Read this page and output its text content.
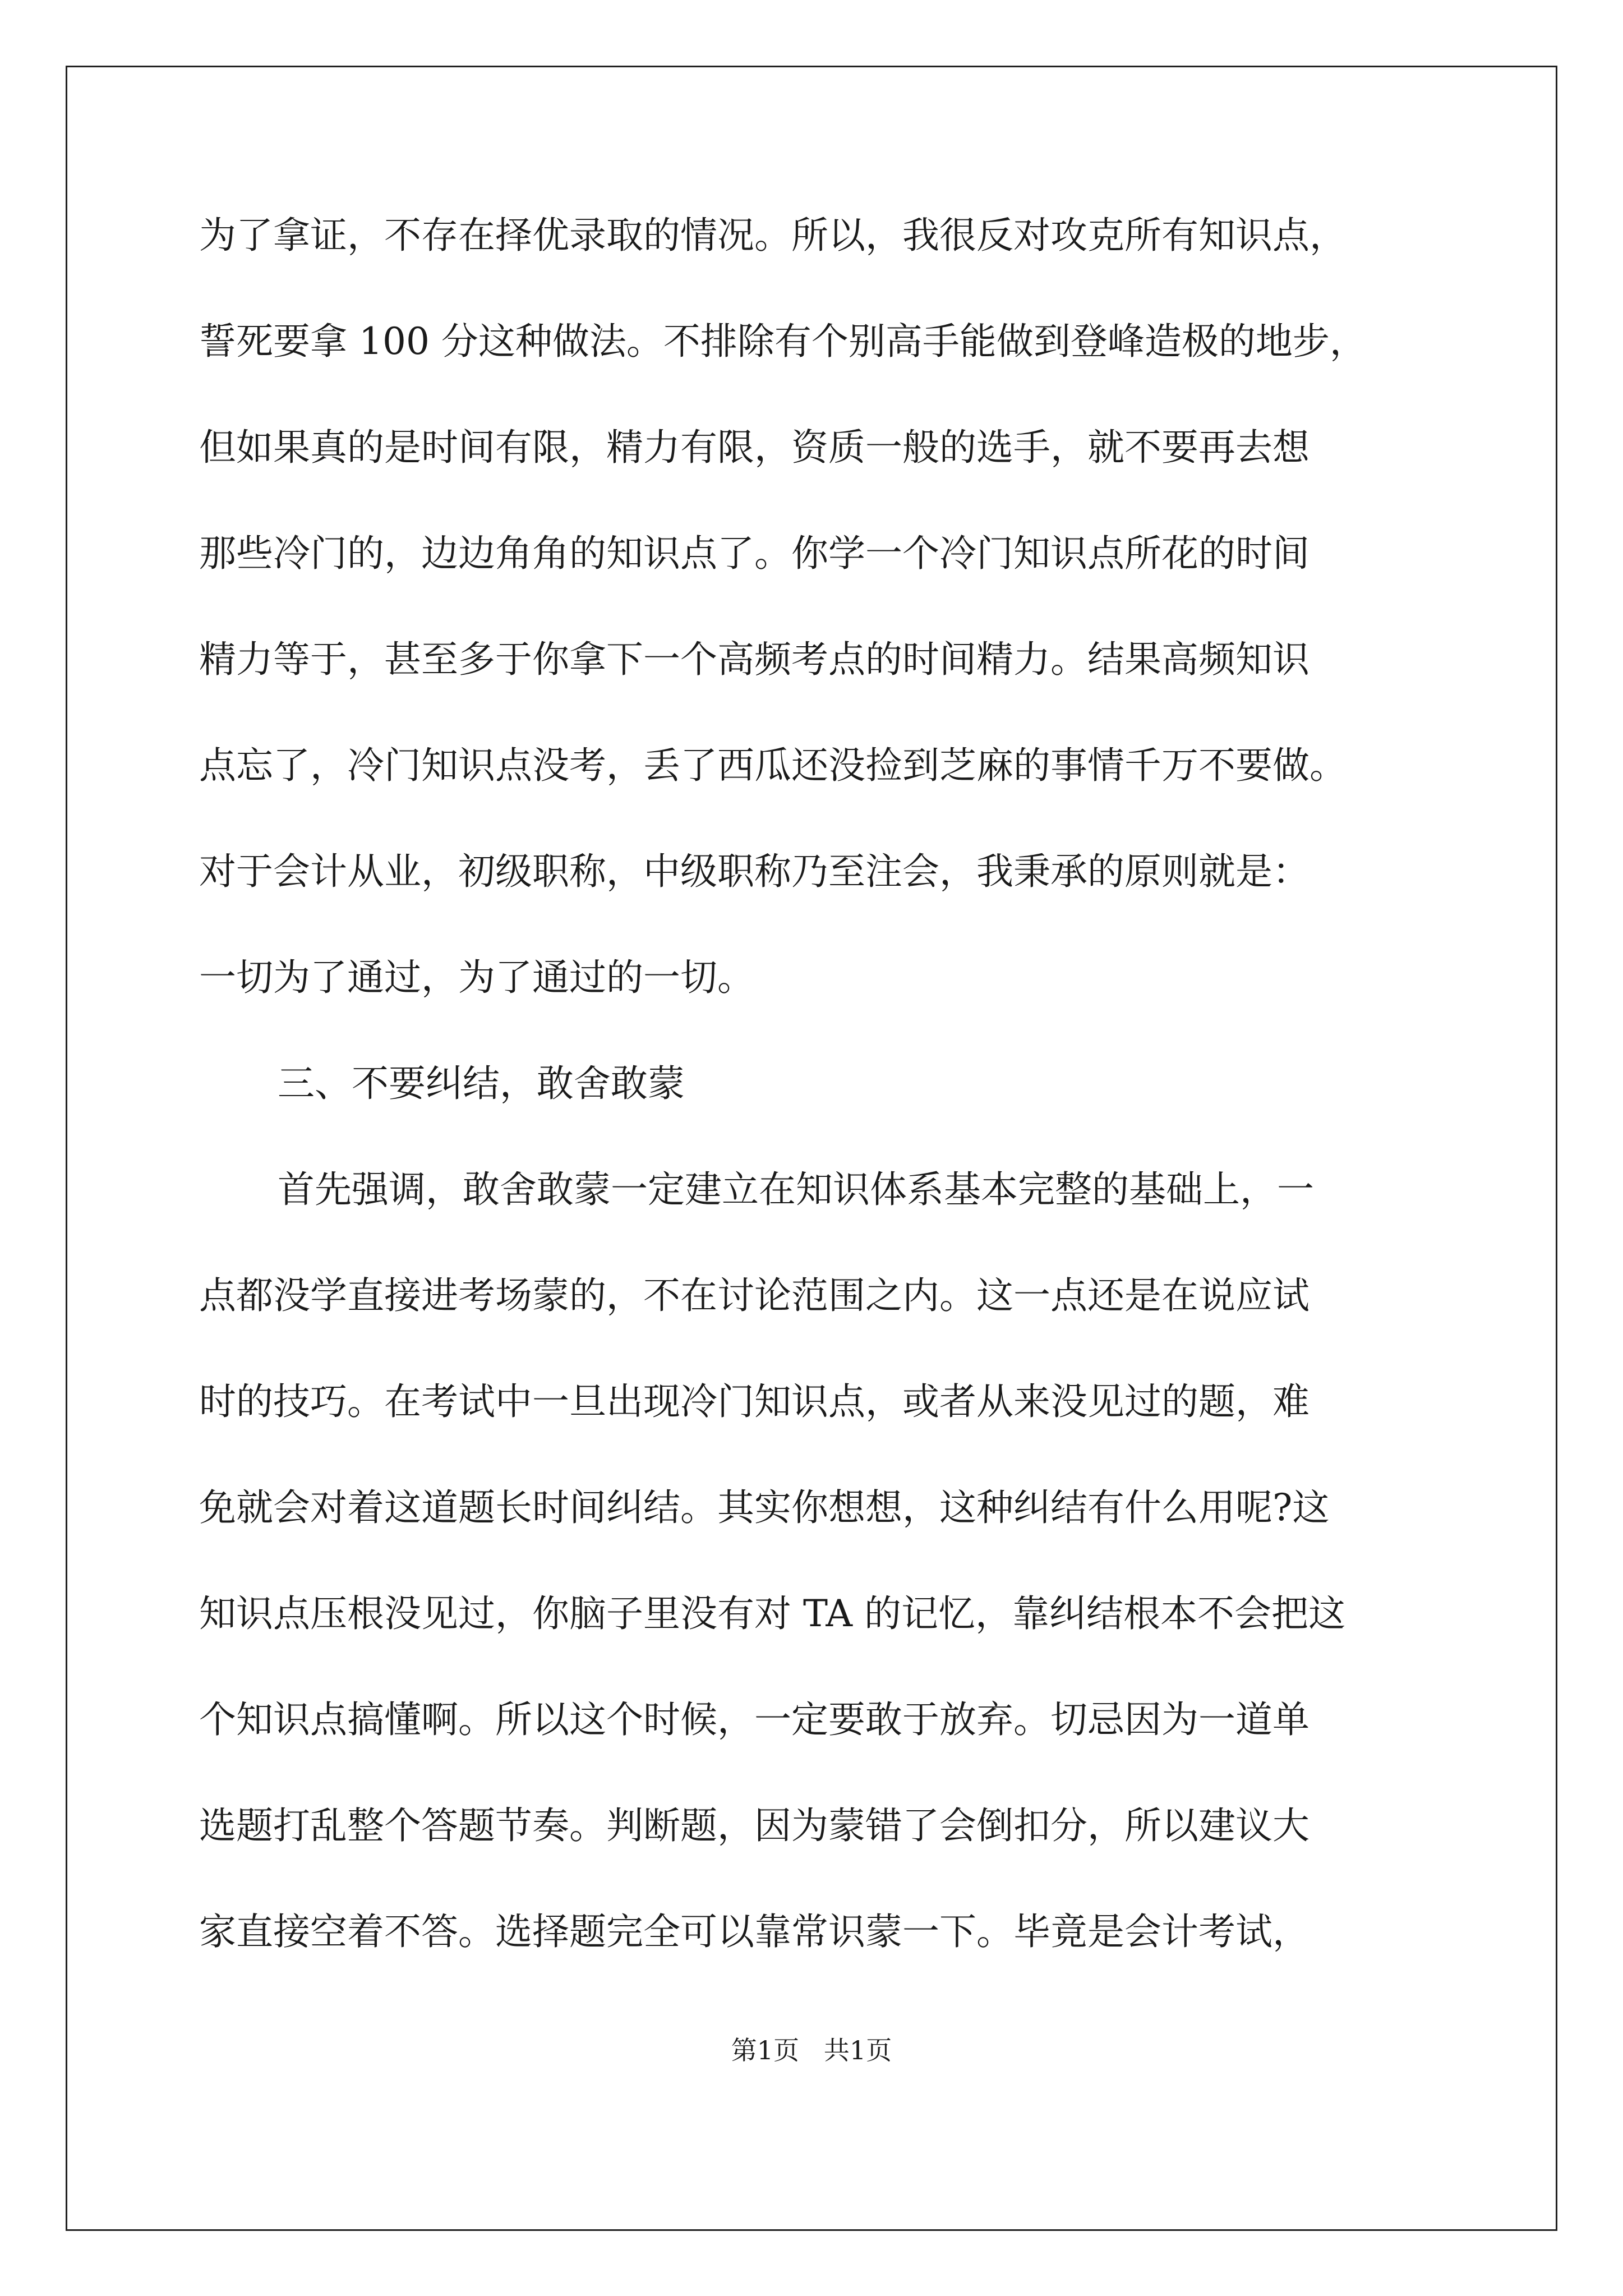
为了拿证，不存在择优录取的情况。所以，我很反对攻克所有知识点，
誓死要拿 100 分这种做法。不排除有个别高手能做到登峰造极的地步，
但如果真的是时间有限，精力有限，资质一般的选手，就不要再去想
那些冷门的，边边角角的知识点了。你学一个冷门知识点所花的时间
精力等于，甚至多于你拿下一个高频考点的时间精力。结果高频知识
点忘了，冷门知识点没考，丢了西瓜还没捡到芝麻的事情千万不要做。
对于会计从业，初级职称，中级职称乃至注会，我秉承的原则就是：
一切为了通过，为了通过的一切。
三、不要纠结，敢舍敢蒙
首先强调，敢舍敢蒙一定建立在知识体系基本完整的基础上，一
点都没学直接进考场蒙的，不在讨论范围之内。这一点还是在说应试
时的技巧。在考试中一旦出现冷门知识点，或者从来没见过的题，难
免就会对着这道题长时间纠结。其实你想想，这种纠结有什么用呢?这
知识点压根没见过，你脑子里没有对 TA 的记忆，靠纠结根本不会把这
个知识点搞懂啊。所以这个时候，一定要敢于放弃。切忌因为一道单
选题打乱整个答题节奏。判断题，因为蒙错了会倒扣分，所以建议大
家直接空着不答。选择题完全可以靠常识蒙一下。毕竟是会计考试，
第1页   共1页
